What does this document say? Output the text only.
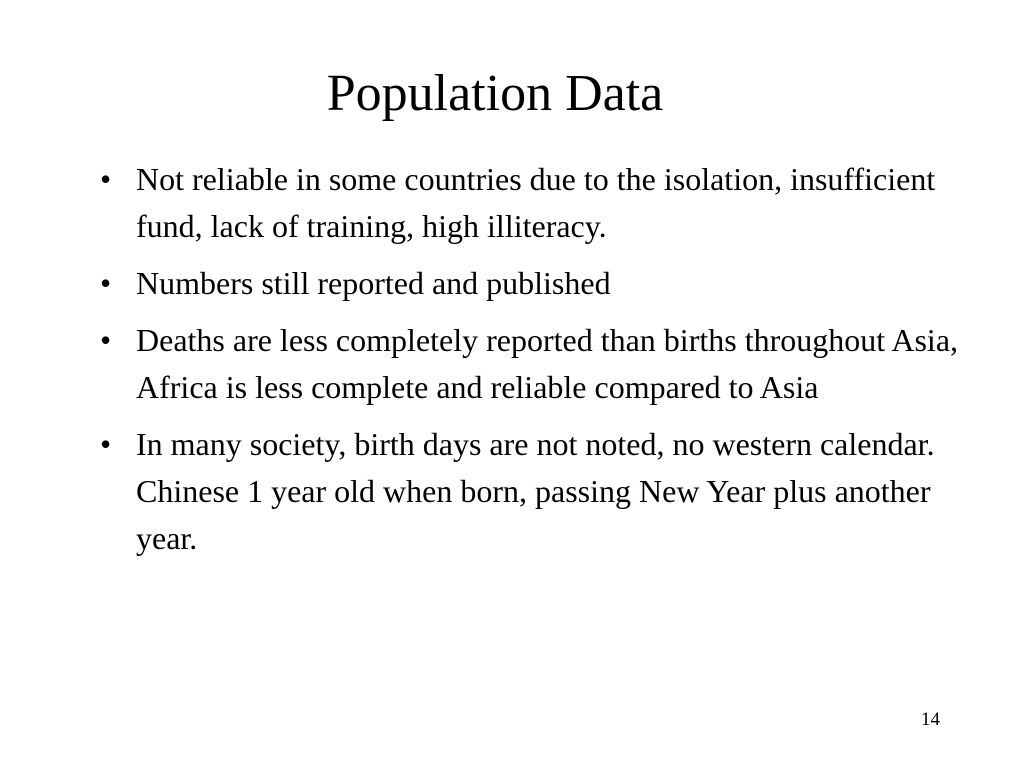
Population Data
• Not reliable in some countries due to the isolation, insufficient fund, lack of training, high illiteracy.
• Numbers still reported and published
• Deaths are less completely reported than births throughout Asia, Africa is less complete and reliable compared to Asia
• In many society, birth days are not noted, no western calendar. Chinese 1 year old when born, passing New Year plus another year.
14
